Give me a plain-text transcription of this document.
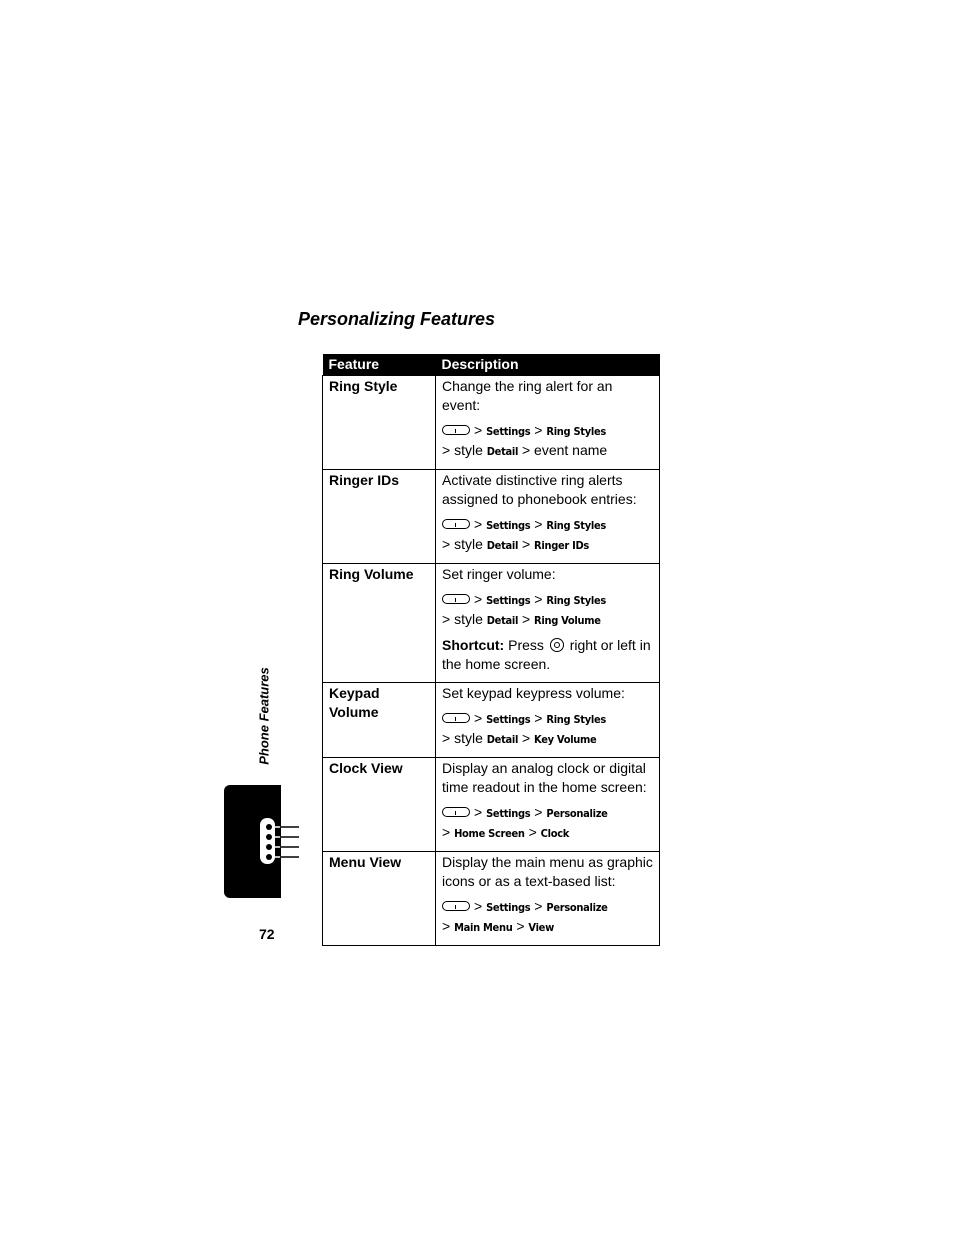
Personalizing Features
Feature	Description
Ring Style	Change the ring alert for an event:

> Settings > Ring Styles

> style Detail > event name

Ringer IDs	Activate distinctive ring alerts assigned to phonebook entries:

> Settings > Ring Styles

> style Detail > Ringer IDs

Ring Volume	Set ringer volume:

> Settings > Ring Styles

> style Detail > Ring Volume

Shortcut: Press right or left in the home screen.

Keypad Volume	Set keypad keypress volume:

> Settings > Ring Styles

> style Detail > Key Volume

Clock View	Display an analog clock or digital time readout in the home screen:

> Settings > Personalize

> Home Screen > Clock

Menu View	Display the main menu as graphic icons or as a text-based list:

> Settings > Personalize

> Main Menu > View

Phone Features
72
